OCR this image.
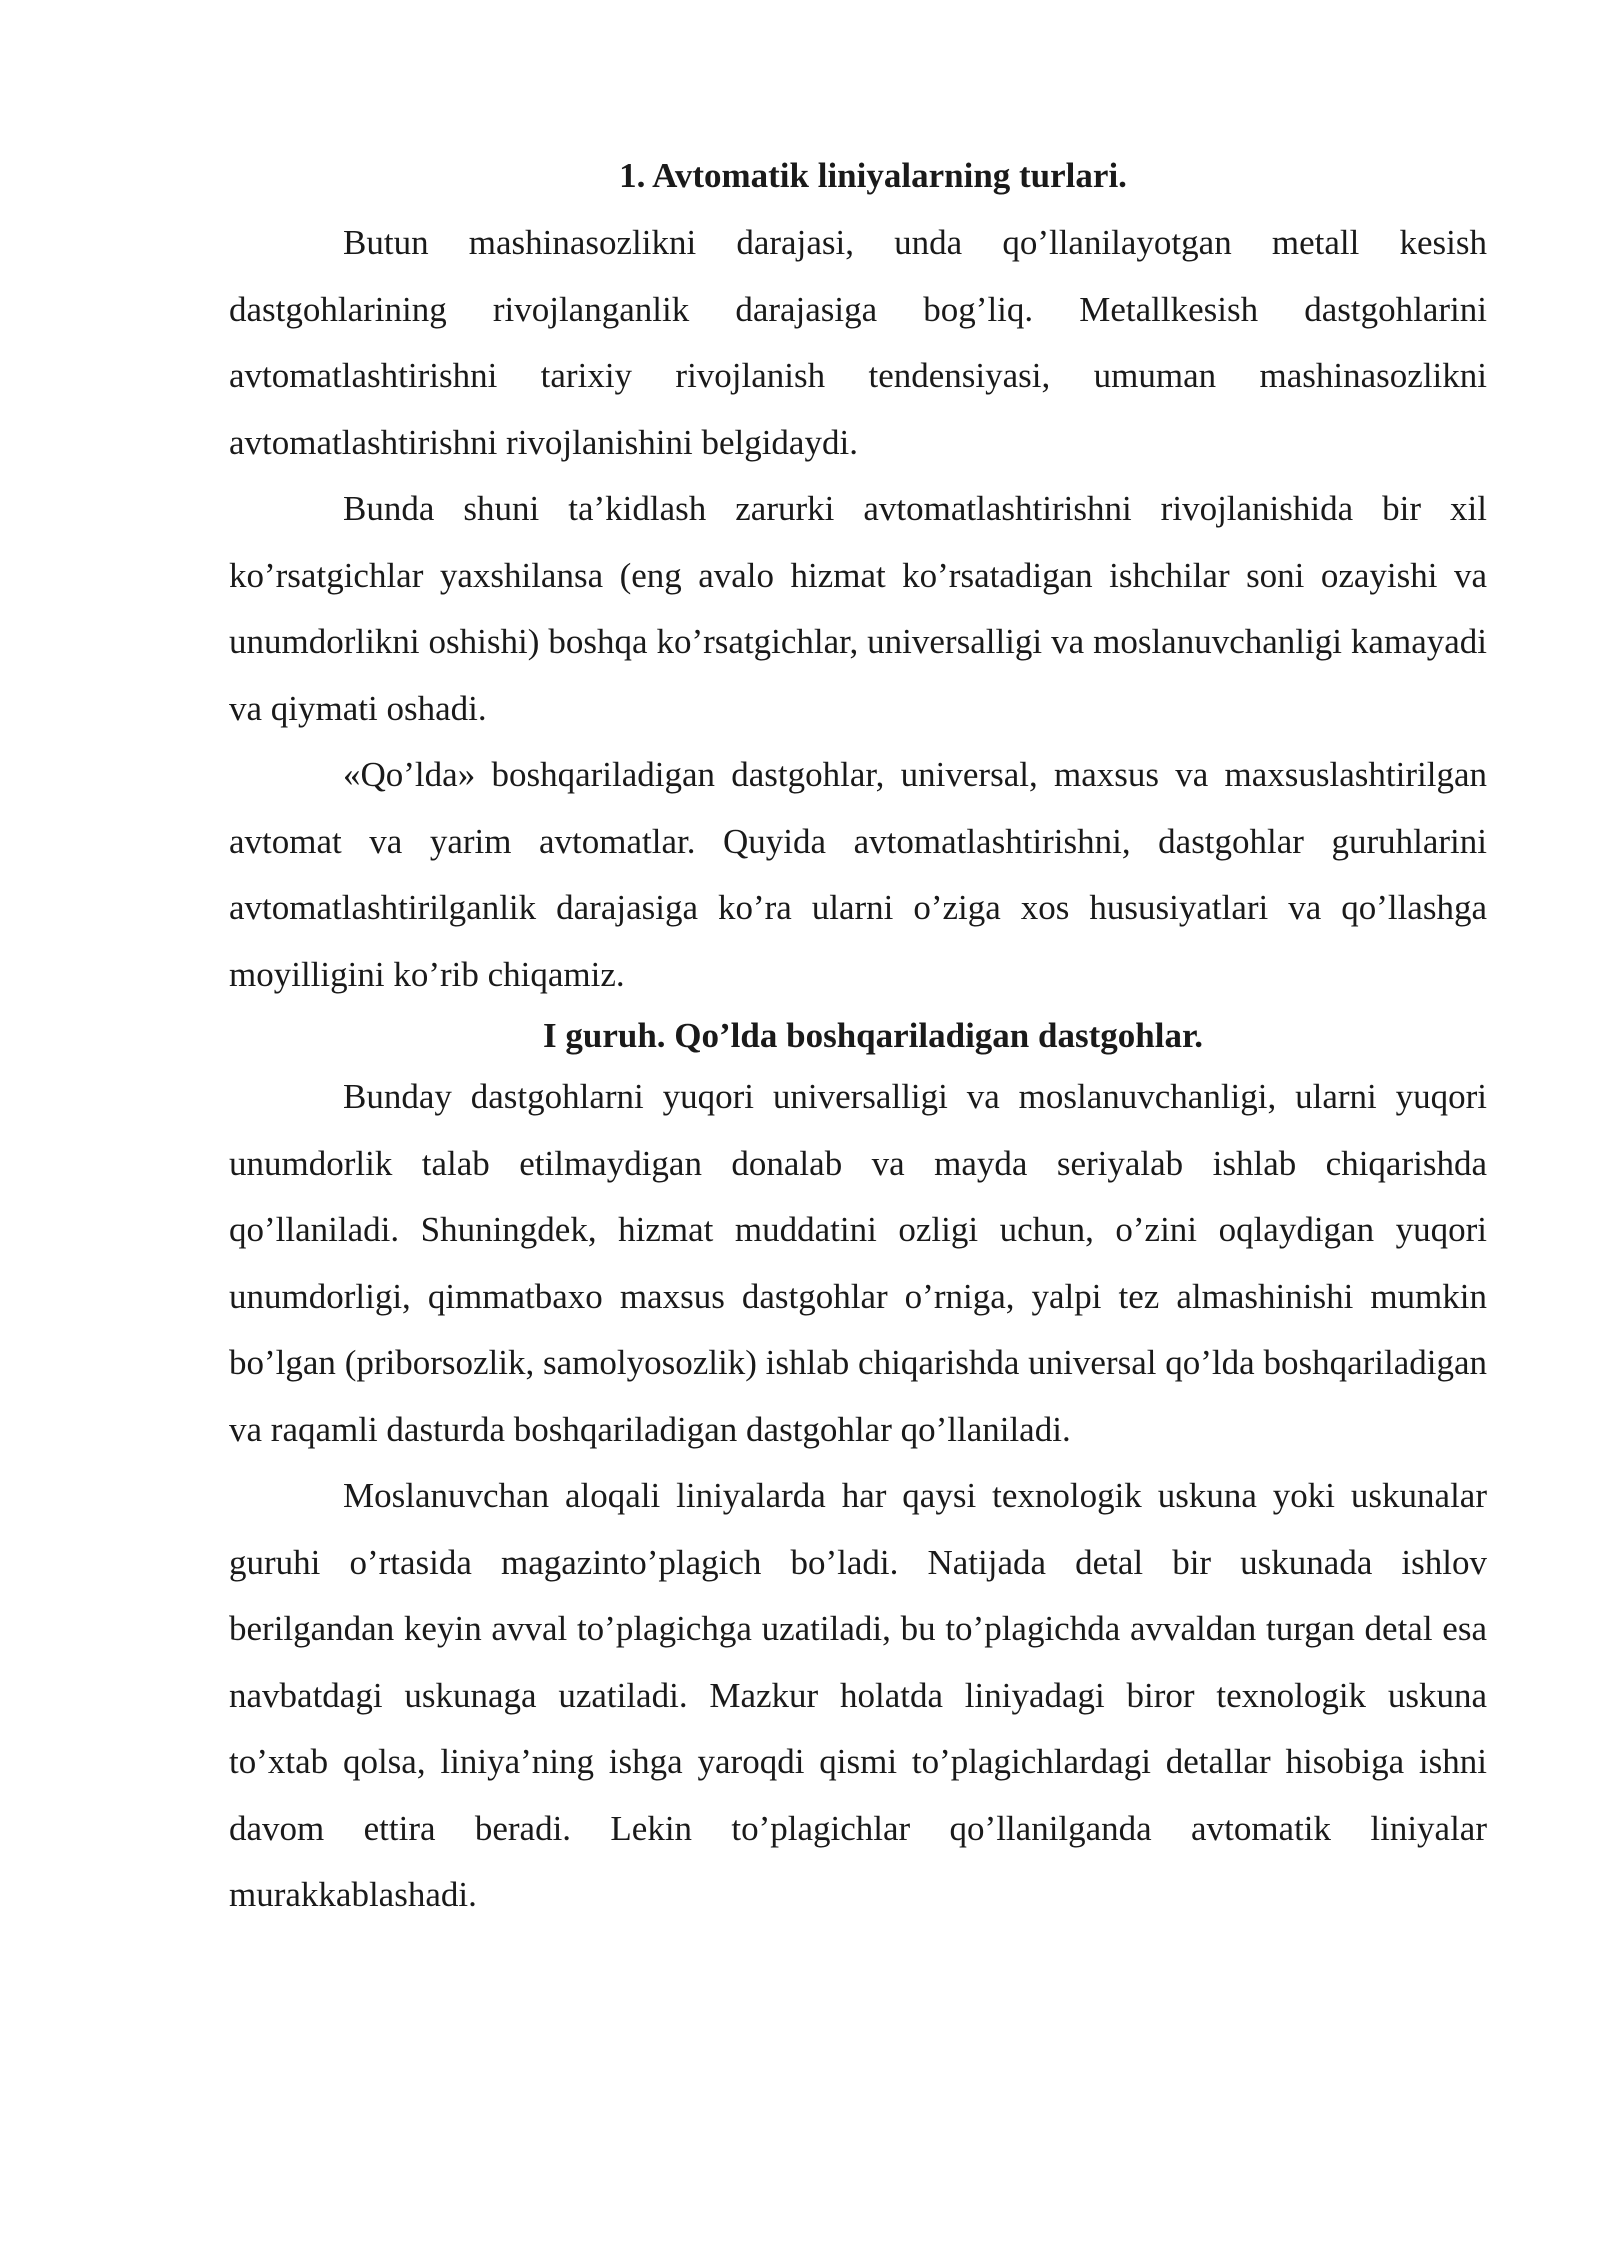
1. Avtomatik liniyalarning turlari.

Butun mashinasozlikni darajasi, unda qo’llanilayotgan metall kesish dastgohlarining rivojlanganlik darajasiga bog’liq. Metallkesish dastgohlarini avtomatlashtirishni tarixiy rivojlanish tendensiyasi, umuman mashinasozlikni avtomatlashtirishni rivojlanishini belgidaydi.

Bunda shuni ta’kidlash zarurki avtomatlashtirishni rivojlanishida bir xil ko’rsatgichlar yaxshilansa (eng avalo hizmat ko’rsatadigan ishchilar soni ozayishi va unumdorlikni oshishi) boshqa ko’rsatgichlar, universalligi va moslanuvchanligi kamayadi va qiymati oshadi.

«Qo’lda» boshqariladigan dastgohlar, universal, maxsus va maxsuslashtirilgan avtomat va yarim avtomatlar. Quyida avtomatlashtirishni, dastgohlar guruhlarini avtomatlashtirilganlik darajasiga ko’ra ularni o’ziga xos hususiyatlari va qo’llashga moyilligini ko’rib chiqamiz.

I guruh. Qo’lda boshqariladigan dastgohlar.

Bunday dastgohlarni yuqori universalligi va moslanuvchanligi, ularni yuqori unumdorlik talab etilmaydigan donalab va mayda seriyalab ishlab chiqarishda qo’llaniladi. Shuningdek, hizmat muddatini ozligi uchun, o’zini oqlaydigan yuqori unumdorligi, qimmatbaxo maxsus dastgohlar o’rniga, yalpi tez almashinishi mumkin bo’lgan (priborsozlik, samolyosozlik) ishlab chiqarishda universal qo’lda boshqariladigan va raqamli dasturda boshqariladigan dastgohlar qo’llaniladi.

Moslanuvchan aloqali liniyalarda har qaysi texnologik uskuna yoki uskunalar guruhi o’rtasida magazinto’plagich bo’ladi. Natijada detal bir uskunada ishlov berilgandan keyin avval to’plagichga uzatiladi, bu to’plagichda avvaldan turgan detal esa navbatdagi uskunaga uzatiladi. Mazkur holatda liniyadagi biror texnologik uskuna to’xtab qolsa, liniya’ning ishga yaroqdi qismi to’plagichlardagi detallar hisobiga ishni davom ettira beradi. Lekin to’plagichlar qo’llanilganda avtomatik liniyalar murakkablashadi.
